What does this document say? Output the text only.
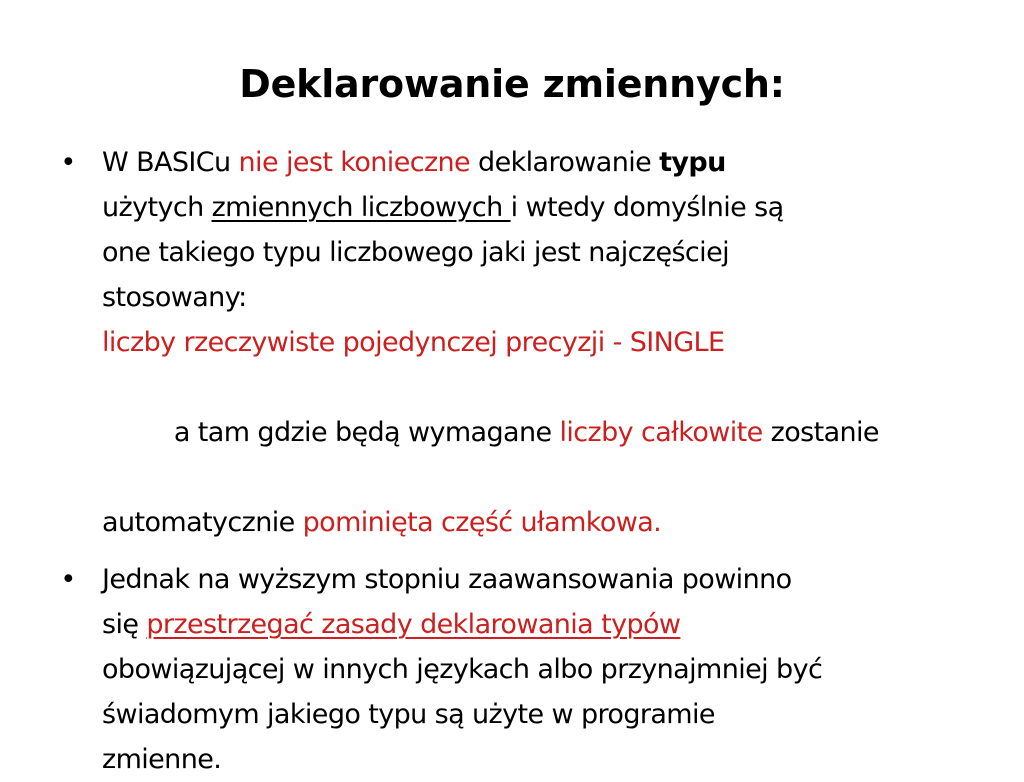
Deklarowanie zmiennych:
• W BASICu nie jest konieczne deklarowanie typu
użytych zmiennych liczbowych i wtedy domyślnie są
one takiego typu liczbowego jaki jest najczęściej
stosowany:
liczby rzeczywiste pojedynczej precyzji - SINGLE

a tam gdzie będą wymagane liczby całkowite zostanie

automatycznie pominięta część ułamkowa.
• Jednak na wyższym stopniu zaawansowania powinno
się przestrzegać zasady deklarowania typów
obowiązującej w innych językach albo przynajmniej być
świadomym jakiego typu są użyte w programie
zmienne.
